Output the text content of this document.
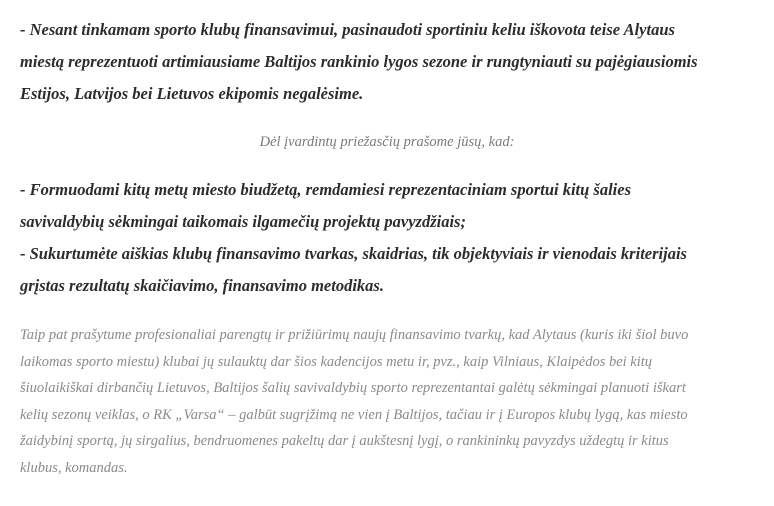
- Nesant tinkamam sporto klubų finansavimui, pasinaudoti sportiniu keliu iškovota teise Alytaus
miestą reprezentuoti artimiausiame Baltijos rankinio lygos sezone ir rungtyniauti su pajėgiausiomis
Estijos, Latvijos bei Lietuvos ekipomis negalėsime.

Dėl įvardintų priežasčių prašome jūsų, kad:

- Formuodami kitų metų miesto biudžetą, remdamiesi reprezentaciniam sportui kitų šalies
savivaldybių sėkmingai taikomais ilgamečių projektų pavyzdžiais;

- Sukurtumėte aiškias klubų finansavimo tvarkas, skaidrias, tik objektyviais ir vienodais kriterijais
grįstas rezultatų skaičiavimo, finansavimo metodikas.

Taip pat prašytume profesionaliai parengtų ir prižiūrimų naujų finansavimo tvarkų, kad Alytaus (kuris iki šiol buvo
laikomas sporto miestu) klubai jų sulauktų dar šios kadencijos metu ir, pvz., kaip Vilniaus, Klaipėdos bei kitų
šiuolaikiškai dirbančių Lietuvos, Baltijos šalių savivaldybių sporto reprezentantai galėtų sėkmingai planuoti iškart
kelių sezonų veiklas, o RK „Varsa“ – galbūt sugrįžimą ne vien į Baltijos, tačiau ir į Europos klubų lygą, kas miesto
žaidybinį sportą, jų sirgalius, bendruomenes pakeltų dar į aukštesnį lygį, o rankininkų pavyzdys uždegtų ir kitus
klubus, komandas.
